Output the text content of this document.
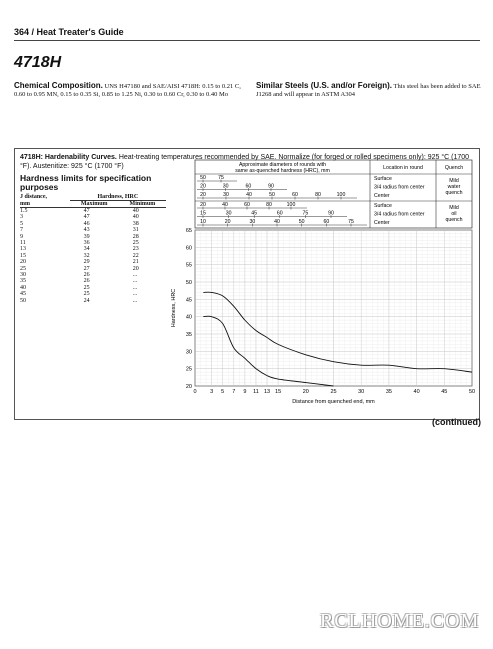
364 / Heat Treater's Guide
4718H
Chemical Composition. UNS H47180 and SAE/AISI 4718H: 0.15 to 0.21 C, 0.60 to 0.95 MN, 0.15 to 0.35 Si, 0.85 to 1.25 Ni, 0.30 to 0.60 Cr, 0.30 to 0.40 Mo
Similar Steels (U.S. and/or Foreign). This steel has been added to SAE J1268 and will appear in ASTM A304
4718H: Hardenability Curves. Heat-treating temperatures recommended by SAE. Normalize (for forged or rolled specimens only): 925 °C (1700 °F). Austenitize: 925 °C (1700 °F)
Hardness limits for specification purposes
J distance,	Hardness, HRC	
mm	Maximum	Minimum
1.5	47	40
3	47	40
5	46	38
7	43	31
9	39	28
11	36	25
13	34	23
15	32	22
20	29	21
25	27	20
30	26	...
35	26	...
40	25	...
45	25	...
50	24	...
Approximate diameters of rounds with
same as-quenched hardness (HRC), mm	Location in round	Quench
50 75	Surface
20	30	60	90	3/4 radius from center
20	30	40	50	60	80	100	Center
20	40	60	80	100	Surface
15	30	45	60	75	90	3/4 radius from center
10	20	30	40	50	60	75	Center
Mild
water
quench
Mild
oil
quench
20
25
30
35
40
45
50
55
60
65
0 3 5 7 9 11 13 15	20	25	30	35	40	45	50
Distance from quenched end, mm
Hardness, HRC
(continued)
RCLHOME.COM
